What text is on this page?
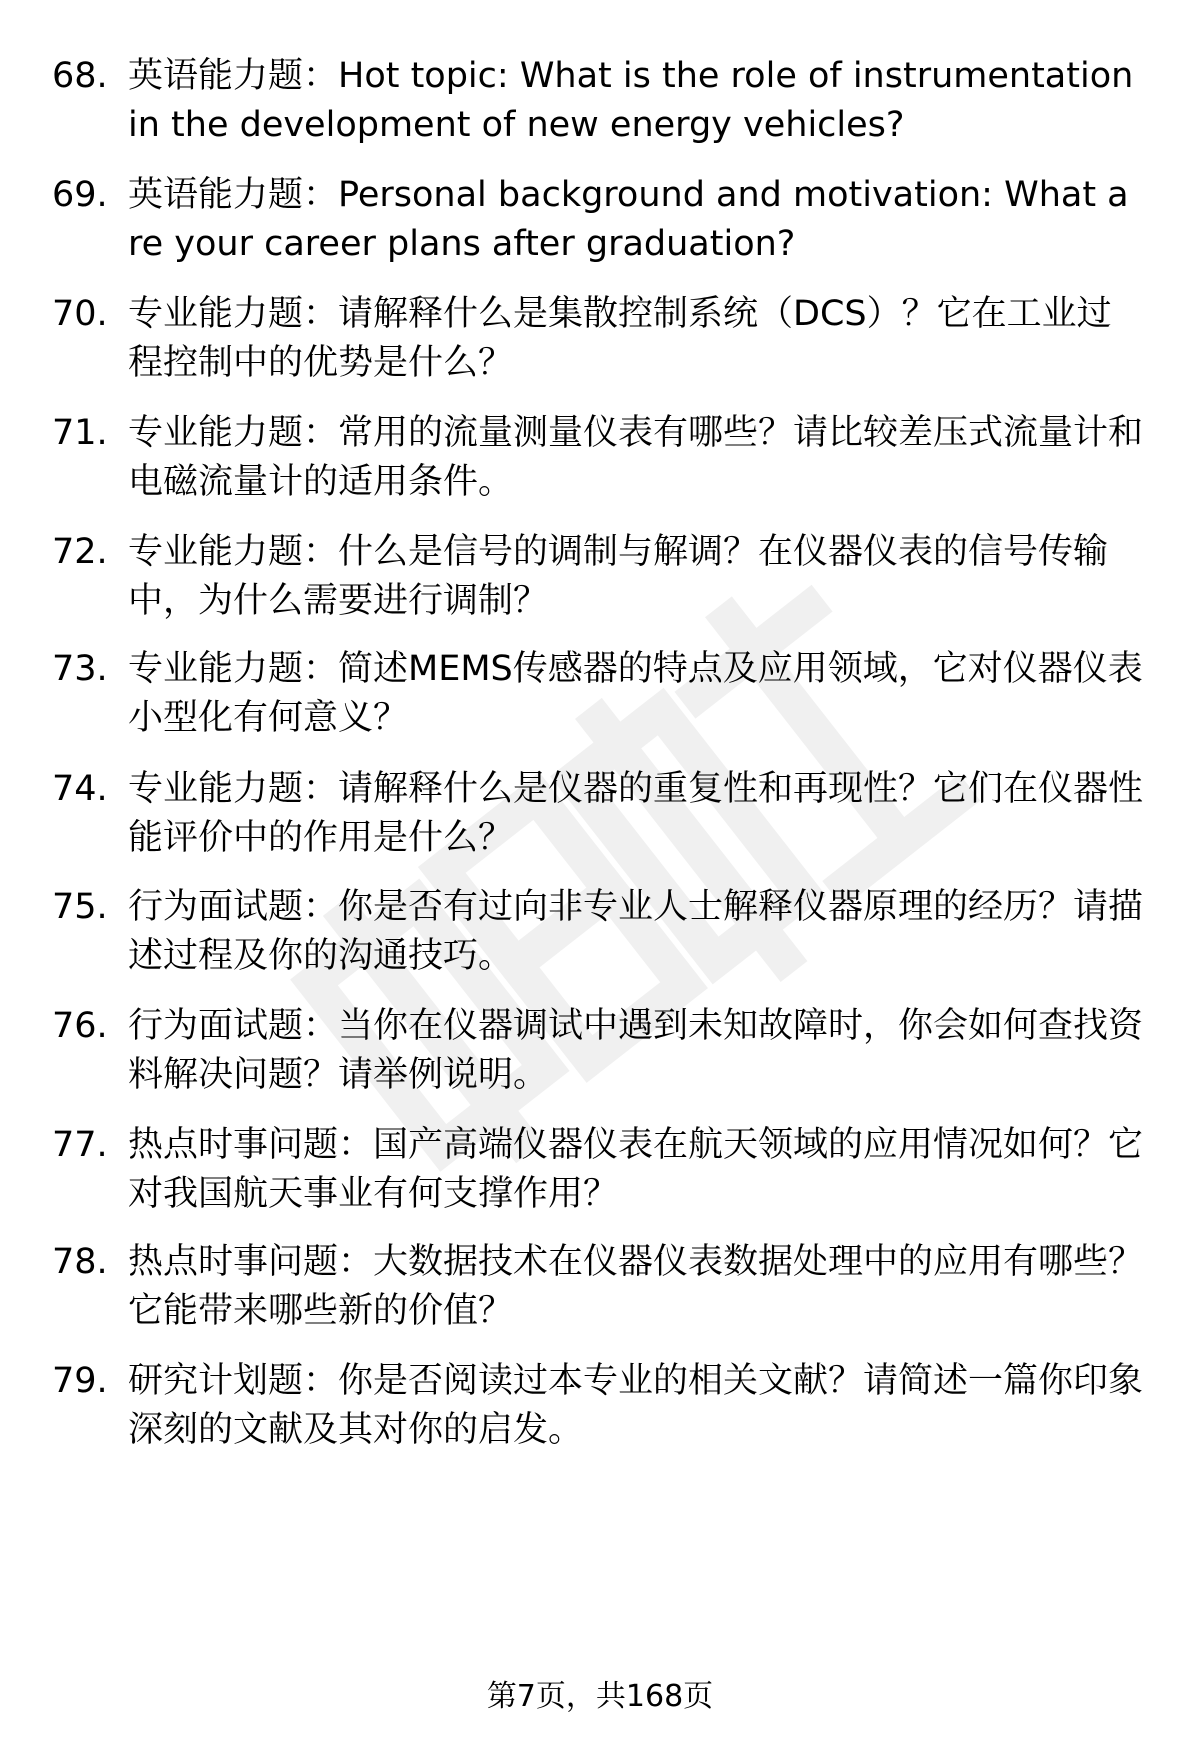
68. 英语能力题：Hot topic: What is the role of instrumentation in the development of new energy vehicles?
69. 英语能力题：Personal background and motivation: What are your career plans after graduation?
70. 专业能力题：请解释什么是集散控制系统（DCS）？它在工业过程控制中的优势是什么？
71. 专业能力题：常用的流量测量仪表有哪些？请比较差压式流量计和电磁流量计的适用条件。
72. 专业能力题：什么是信号的调制与解调？在仪器仪表的信号传输中，为什么需要进行调制？
73. 专业能力题：简述MEMS传感器的特点及应用领域，它对仪器仪表小型化有何意义？
74. 专业能力题：请解释什么是仪器的重复性和再现性？它们在仪器性能评价中的作用是什么？
75. 行为面试题：你是否有过向非专业人士解释仪器原理的经历？请描述过程及你的沟通技巧。
76. 行为面试题：当你在仪器调试中遇到未知故障时，你会如何查找资料解决问题？请举例说明。
77. 热点时事问题：国产高端仪器仪表在航天领域的应用情况如何？它对我国航天事业有何支撑作用？
78. 热点时事问题：大数据技术在仪器仪表数据处理中的应用有哪些？它能带来哪些新的价值？
79. 研究计划题：你是否阅读过本专业的相关文献？请简述一篇你印象深刻的文献及其对你的启发。
第7页，共168页
